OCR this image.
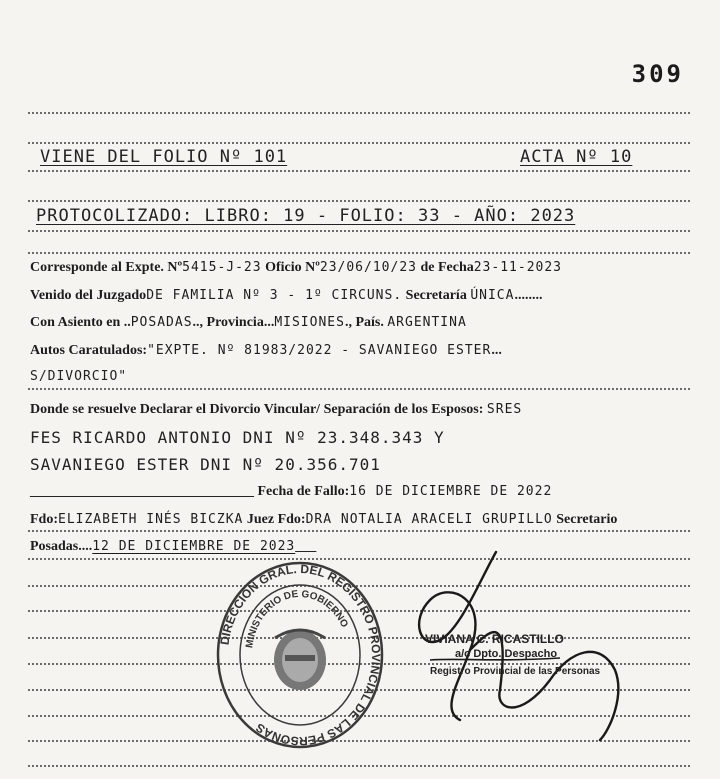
309
VIENE DEL FOLIO Nº 101	ACTA Nº 10
PROTOCOLIZADO: LIBRO: 19 - FOLIO: 33 - AÑO: 2023
Corresponde al Expte. Nº5415-J-23 Oficio Nº23/06/10/23 de Fecha23-11-2023
Venido del JuzgadoDE FAMILIA Nº 3 - 1º CIRCUNS. Secretaría ÚNICA........
Con Asiento en ..POSADAS.., Provincia...MISIONES., País. ARGENTINA
Autos Caratulados:"EXPTE. Nº 81983/2022 - SAVANIEGO ESTER...
S/DIVORCIO"
Donde se resuelve Declarar el Divorcio Vincular/ Separación de los Esposos: SRES
FES RICARDO ANTONIO DNI Nº 23.348.343 Y
SAVANIEGO ESTER DNI Nº 20.356.701
________________________________ Fecha de Fallo:16 DE DICIEMBRE DE 2022
Fdo:ELIZABETH INÉS BICZKA Juez Fdo:DRA NOTALIA ARACELI GRUPILLO Secretario
Posadas....12 DE DICIEMBRE DE 2023___
DIRECCIÓN GRAL. DEL REGISTRO PROVINCIAL DE LAS PERSONAS
MINISTERIO DE GOBIERNO
VIVIANA C. RICASTILLO
a/c Dpto. Despacho
Registro Provincial de las Personas
